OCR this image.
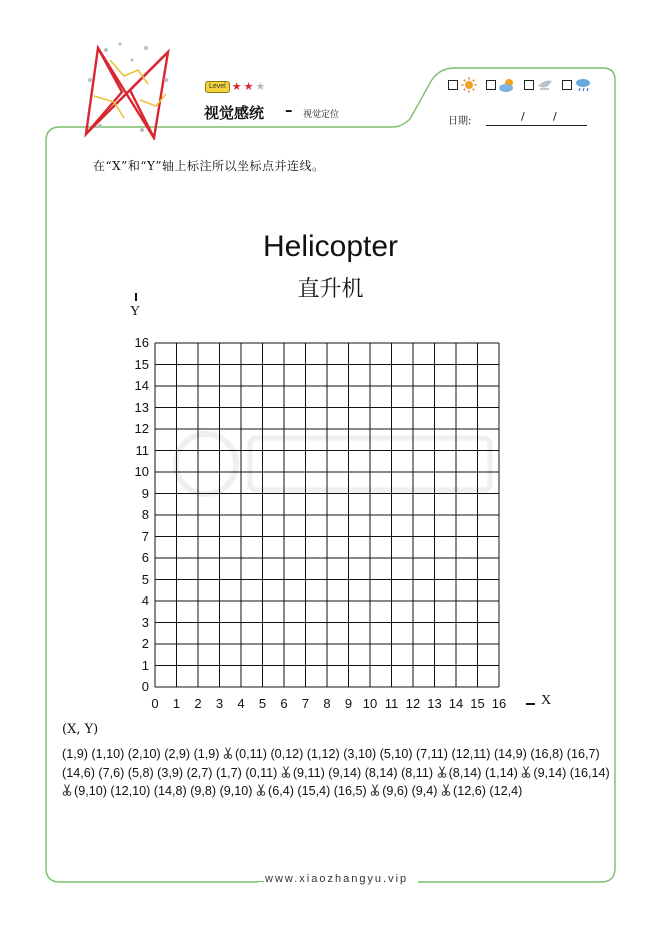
Level ★ ★ ★
视觉感统 – 视觉定位
日期:	/	/
在“X”和“Y”轴上标注所以坐标点并连线。
Helicopter
直升机
Y
X
16
15
14
13
12
11
10
9
8
7
6
5
4
3
2
1
0
0	1	2	3	4	5	6	7	8	9 10 11 12 13 14 15 16
(X, Y)
(1,9) (1,10) (2,10) (2,9) (1,9) (0,11) (0,12) (1,12) (3,10) (5,10) (7,11) (12,11) (14,9) (16,8) (16,7) (14,6) (7,6) (5,8) (3,9) (2,7) (1,7) (0,11) (9,11) (9,14) (8,14) (8,11) (8,14) (1,14) (9,14) (16,14) (9,10) (12,10) (14,8) (9,8) (9,10) (6,4) (15,4) (16,5) (9,6) (9,4) (12,6) (12,4)
www.xiaozhangyu.vip
